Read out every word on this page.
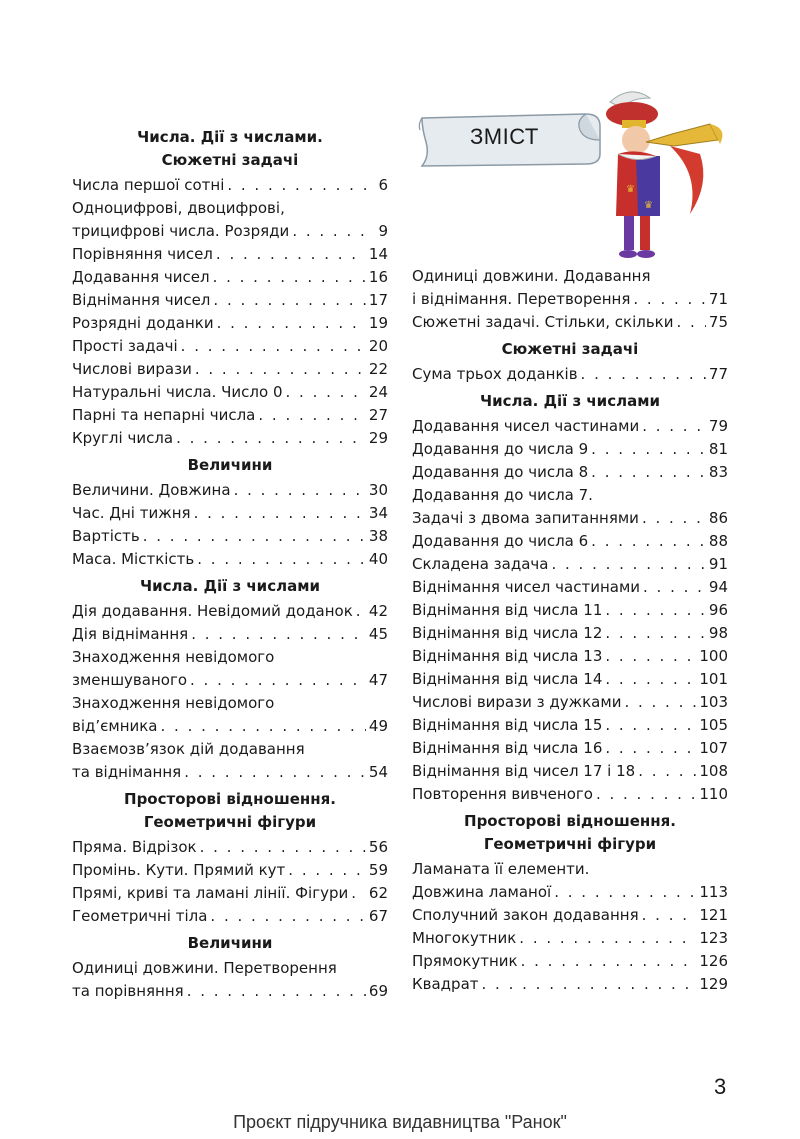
ЗМІСТ
♛
♛
Числа. Дії з числами.
Сюжетні задачі
Числа першої сотні . . .	6
Одноцифрові, двоцифрові,
трицифрові числа. Розряди . . .	9
Порівняння чисел . . .	14
Додавання чисел . . .	16
Віднімання чисел . . .	17
Розрядні доданки . . .	19
Прості задачі . . .	20
Числові вирази . . .	22
Натуральні числа. Число 0 . . .	24
Парні та непарні числа . . .	27
Круглі числа . . .	29
Величини
Величини. Довжина . . .	30
Час. Дні тижня . . .	34
Вартість . . .	38
Маса. Місткість . . .	40
Числа. Дії з числами
Дія додавання. Невідомий доданок . . . 42
Дія віднімання . . .	45
Знаходження невідомого
зменшуваного . . .	47
Знаходження невідомого
від’ємника . . .	49
Взаємозв’язок дій додавання
та віднімання . . .	54
Просторові відношення.
Геометричні фігури
Пряма. Відрізок . . .	56
Промінь. Кути. Прямий кут . . .	59
Прямі, криві та ламані лінії. Фігури . . . 62
Геометричні тіла . . .	67
Величини
Одиниці довжини. Перетворення
та порівняння . . .	69
Одиниці довжини. Додавання
і віднімання. Перетворення . . .	71
Сюжетні задачі. Стільки, скільки . . . 75
Сюжетні задачі
Сума трьох доданків . . .	77
Числа. Дії з числами
Додавання чисел частинами . . .	79
Додавання до числа 9 . . .	81
Додавання до числа 8 . . .	83
Додавання до числа 7.
Задачі з двома запитаннями . . .	86
Додавання до числа 6 . . .	88
Складена задача . . .	91
Віднімання чисел частинами . . .	94
Віднімання від числа 11 . . .	96
Віднімання від числа 12 . . .	98
Віднімання від числа 13 . . .	100
Віднімання від числа 14 . . .	101
Числові вирази з дужками . . .	103
Віднімання від числа 15 . . .	105
Віднімання від числа 16 . . .	107
Віднімання від чисел 17 і 18 . . .	108
Повторення вивченого . . .	110
Просторові відношення.
Геометричні фігури
Ламаната її елементи.
Довжина ламаної . . .	113
Сполучний закон додавання . . .	121
Многокутник . . .	123
Прямокутник . . .	126
Квадрат . . .	129
3
Проєкт підручника видавництва "Ранок"
